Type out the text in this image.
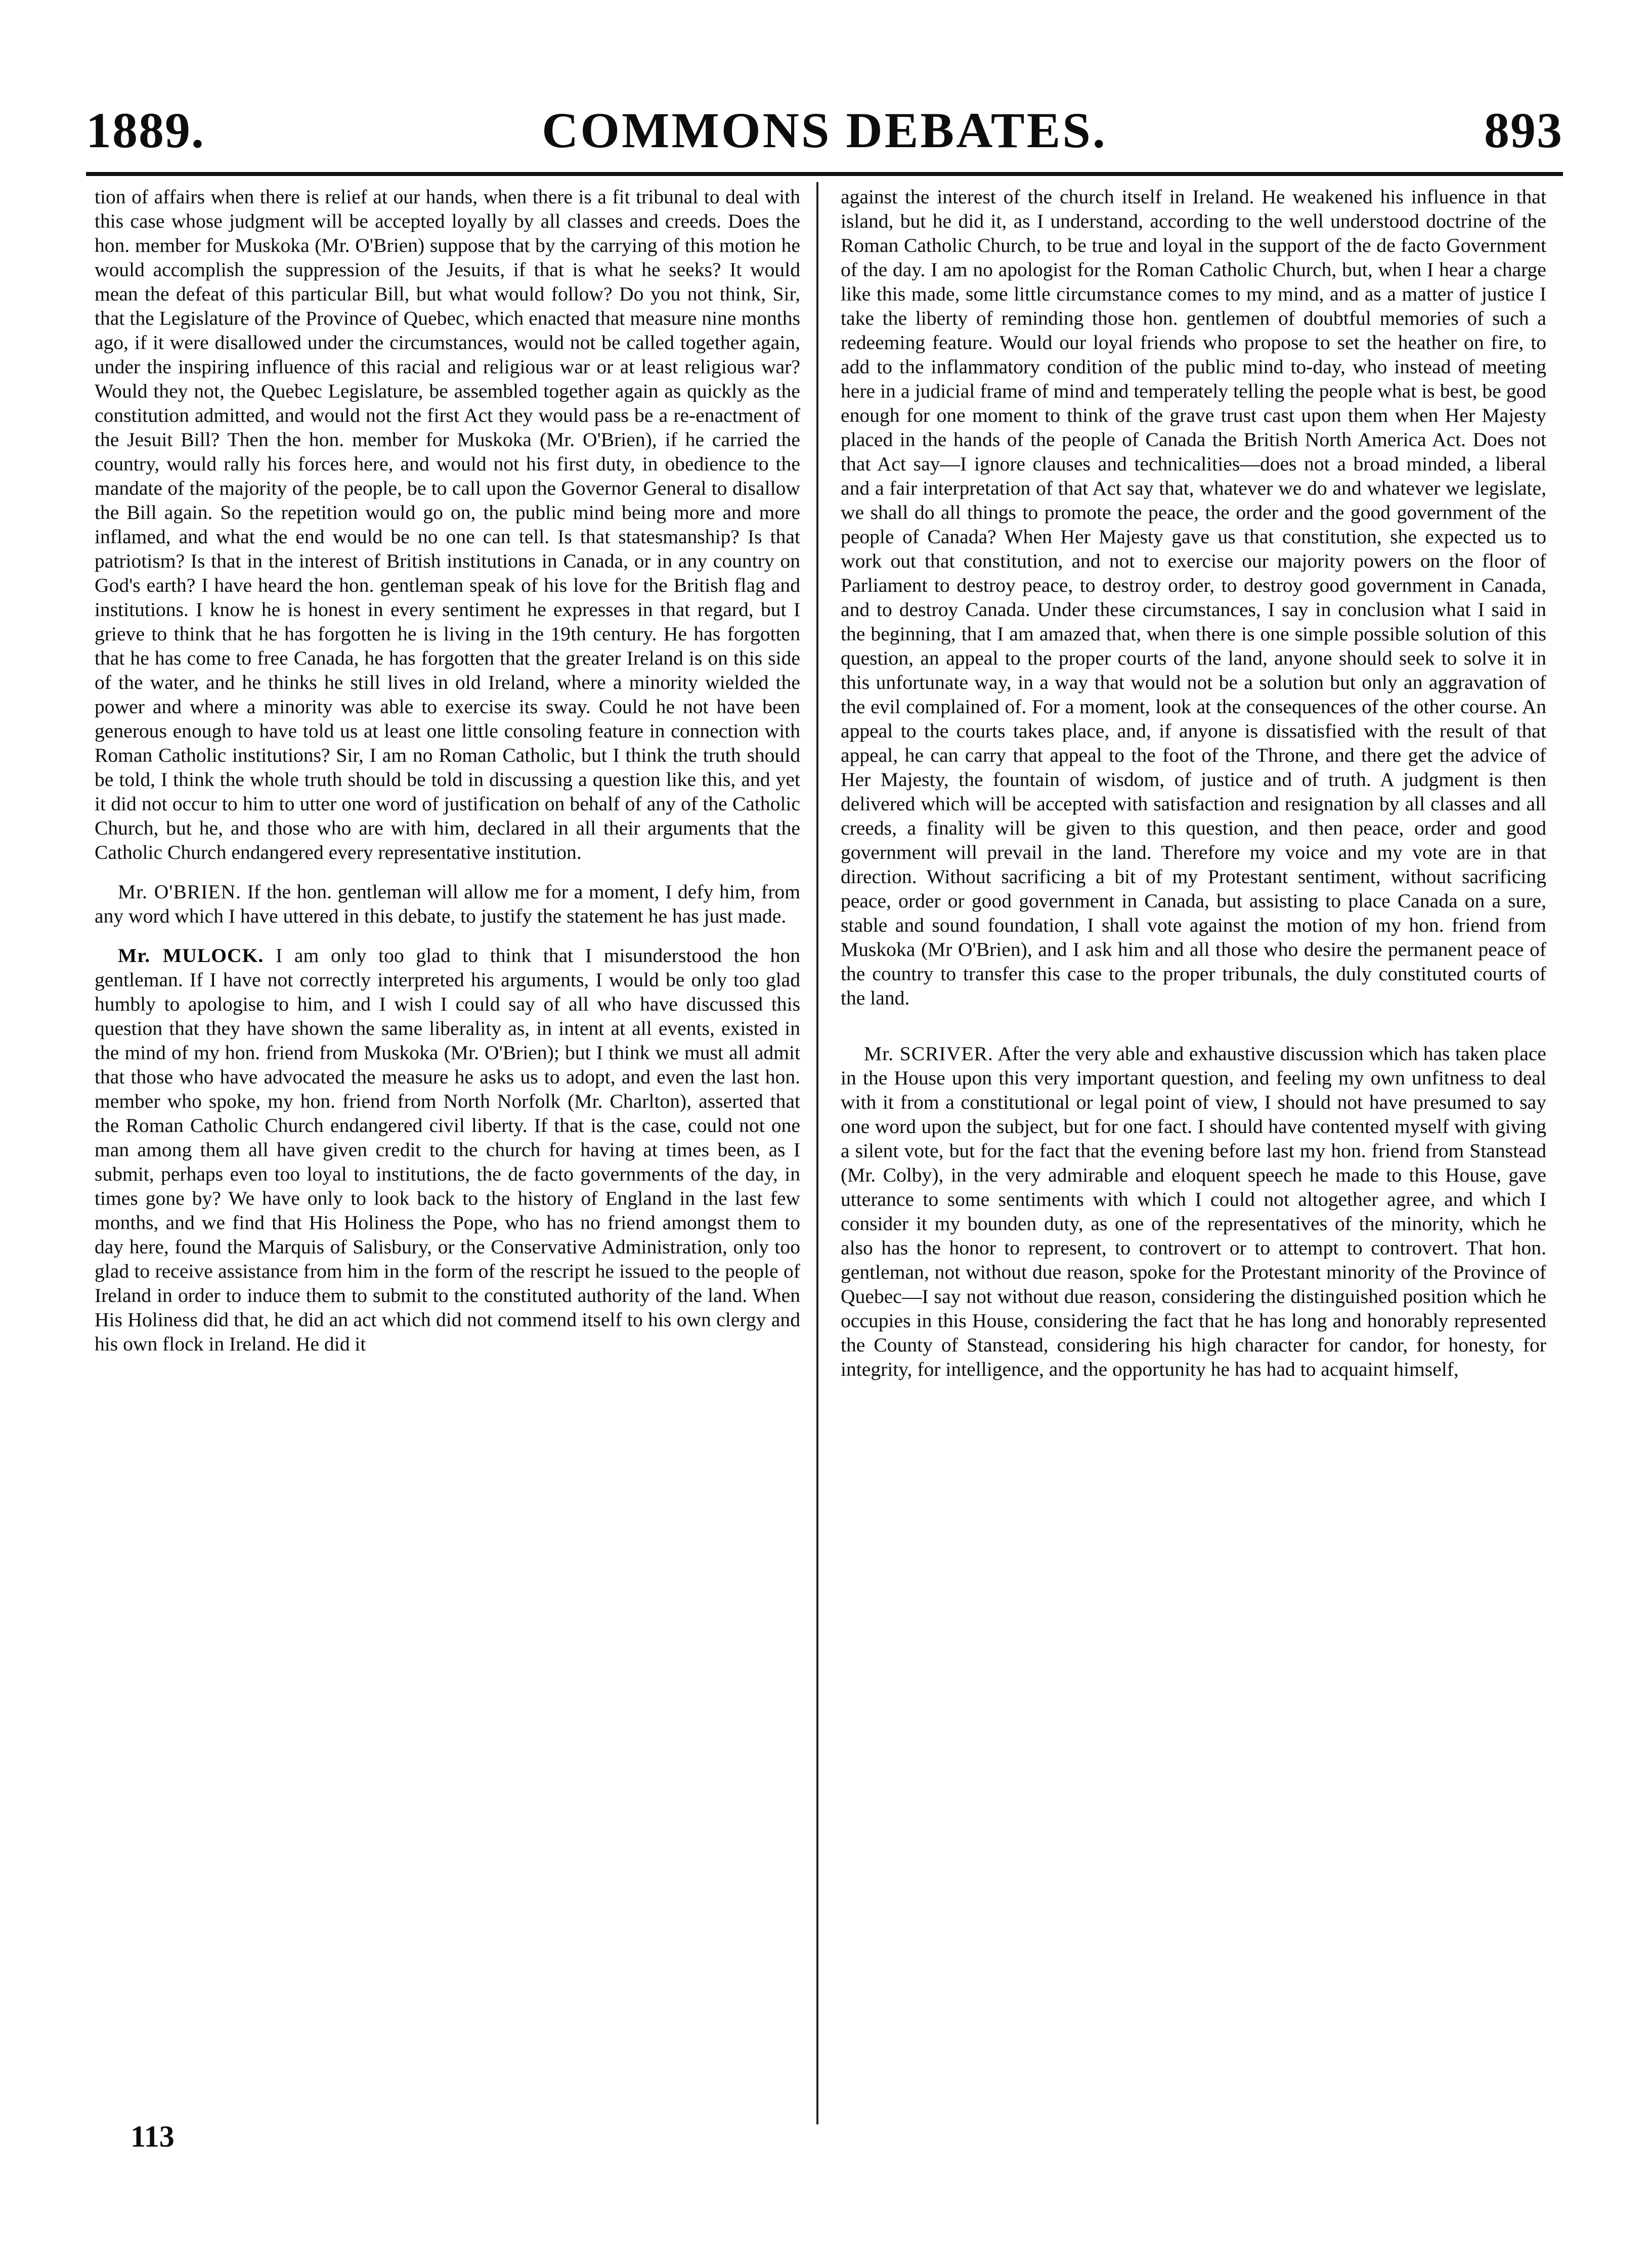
1889.	COMMONS DEBATES.	893

tion of affairs when there is relief at our hands, when there is a fit tribunal to deal with this case whose judgment will be accepted loyally by all classes and creeds. Does the hon. member for Muskoka (Mr. O'Brien) suppose that by the carrying of this motion he would accomplish the suppression of the Jesuits, if that is what he seeks? It would mean the defeat of this particular Bill, but what would follow? Do you not think, Sir, that the Legislature of the Province of Quebec, which enacted that measure nine months ago, if it were disallowed under the circumstances, would not be called together again, under the inspiring influence of this racial and religious war or at least religious war? Would they not, the Quebec Legislature, be assembled together again as quickly as the constitution admitted, and would not the first Act they would pass be a re-enactment of the Jesuit Bill? Then the hon. member for Muskoka (Mr. O'Brien), if he carried the country, would rally his forces here, and would not his first duty, in obedience to the mandate of the majority of the people, be to call upon the Governor General to disallow the Bill again. So the repetition would go on, the public mind being more and more inflamed, and what the end would be no one can tell. Is that statesmanship? Is that patriotism? Is that in the interest of British institutions in Canada, or in any country on God's earth? I have heard the hon. gentleman speak of his love for the British flag and institutions. I know he is honest in every sentiment he expresses in that regard, but I grieve to think that he has forgotten he is living in the 19th century. He has forgotten that he has come to free Canada, he has forgotten that the greater Ireland is on this side of the water, and he thinks he still lives in old Ireland, where a minority wielded the power and where a minority was able to exercise its sway. Could he not have been generous enough to have told us at least one little consoling feature in connection with Roman Catholic institutions? Sir, I am no Roman Catholic, but I think the truth should be told, I think the whole truth should be told in discussing a question like this, and yet it did not occur to him to utter one word of justification on behalf of any of the Catholic Church, but he, and those who are with him, declared in all their arguments that the Catholic Church endangered every representative institution.

Mr. O'BRIEN. If the hon. gentleman will allow me for a moment, I defy him, from any word which I have uttered in this debate, to justify the statement he has just made.

Mr. MULOCK. I am only too glad to think that I misunderstood the hon gentleman. If I have not correctly interpreted his arguments, I would be only too glad humbly to apologise to him, and I wish I could say of all who have discussed this question that they have shown the same liberality as, in intent at all events, existed in the mind of my hon. friend from Muskoka (Mr. O'Brien); but I think we must all admit that those who have advocated the measure he asks us to adopt, and even the last hon. member who spoke, my hon. friend from North Norfolk (Mr. Charlton), asserted that the Roman Catholic Church endangered civil liberty. If that is the case, could not one man among them all have given credit to the church for having at times been, as I submit, perhaps even too loyal to institutions, the de facto governments of the day, in times gone by? We have only to look back to the history of England in the last few months, and we find that His Holiness the Pope, who has no friend amongst them to day here, found the Marquis of Salisbury, or the Conservative Administration, only too glad to receive assistance from him in the form of the rescript he issued to the people of Ireland in order to induce them to submit to the constituted authority of the land. When His Holiness did that, he did an act which did not commend itself to his own clergy and his own flock in Ireland. He did it

against the interest of the church itself in Ireland. He weakened his influence in that island, but he did it, as I understand, according to the well understood doctrine of the Roman Catholic Church, to be true and loyal in the support of the de facto Government of the day. I am no apologist for the Roman Catholic Church, but, when I hear a charge like this made, some little circumstance comes to my mind, and as a matter of justice I take the liberty of reminding those hon. gentlemen of doubtful memories of such a redeeming feature. Would our loyal friends who propose to set the heather on fire, to add to the inflammatory condition of the public mind to-day, who instead of meeting here in a judicial frame of mind and temperately telling the people what is best, be good enough for one moment to think of the grave trust cast upon them when Her Majesty placed in the hands of the people of Canada the British North America Act. Does not that Act say—I ignore clauses and technicalities—does not a broad minded, a liberal and a fair interpretation of that Act say that, whatever we do and whatever we legislate, we shall do all things to promote the peace, the order and the good government of the people of Canada? When Her Majesty gave us that constitution, she expected us to work out that constitution, and not to exercise our majority powers on the floor of Parliament to destroy peace, to destroy order, to destroy good government in Canada, and to destroy Canada. Under these circumstances, I say in conclusion what I said in the beginning, that I am amazed that, when there is one simple possible solution of this question, an appeal to the proper courts of the land, anyone should seek to solve it in this unfortunate way, in a way that would not be a solution but only an aggravation of the evil complained of. For a moment, look at the consequences of the other course. An appeal to the courts takes place, and, if anyone is dissatisfied with the result of that appeal, he can carry that appeal to the foot of the Throne, and there get the advice of Her Majesty, the fountain of wisdom, of justice and of truth. A judgment is then delivered which will be accepted with satisfaction and resignation by all classes and all creeds, a finality will be given to this question, and then peace, order and good government will prevail in the land. Therefore my voice and my vote are in that direction. Without sacrificing a bit of my Protestant sentiment, without sacrificing peace, order or good government in Canada, but assisting to place Canada on a sure, stable and sound foundation, I shall vote against the motion of my hon. friend from Muskoka (Mr O'Brien), and I ask him and all those who desire the permanent peace of the country to transfer this case to the proper tribunals, the duly constituted courts of the land.

Mr. SCRIVER. After the very able and exhaustive discussion which has taken place in the House upon this very important question, and feeling my own unfitness to deal with it from a constitutional or legal point of view, I should not have presumed to say one word upon the subject, but for one fact. I should have contented myself with giving a silent vote, but for the fact that the evening before last my hon. friend from Stanstead (Mr. Colby), in the very admirable and eloquent speech he made to this House, gave utterance to some sentiments with which I could not altogether agree, and which I consider it my bounden duty, as one of the representatives of the minority, which he also has the honor to represent, to controvert or to attempt to controvert. That hon. gentleman, not without due reason, spoke for the Protestant minority of the Province of Quebec—I say not without due reason, considering the distinguished position which he occupies in this House, considering the fact that he has long and honorably represented the County of Stanstead, considering his high character for candor, for honesty, for integrity, for intelligence, and the opportunity he has had to acquaint himself,

113
